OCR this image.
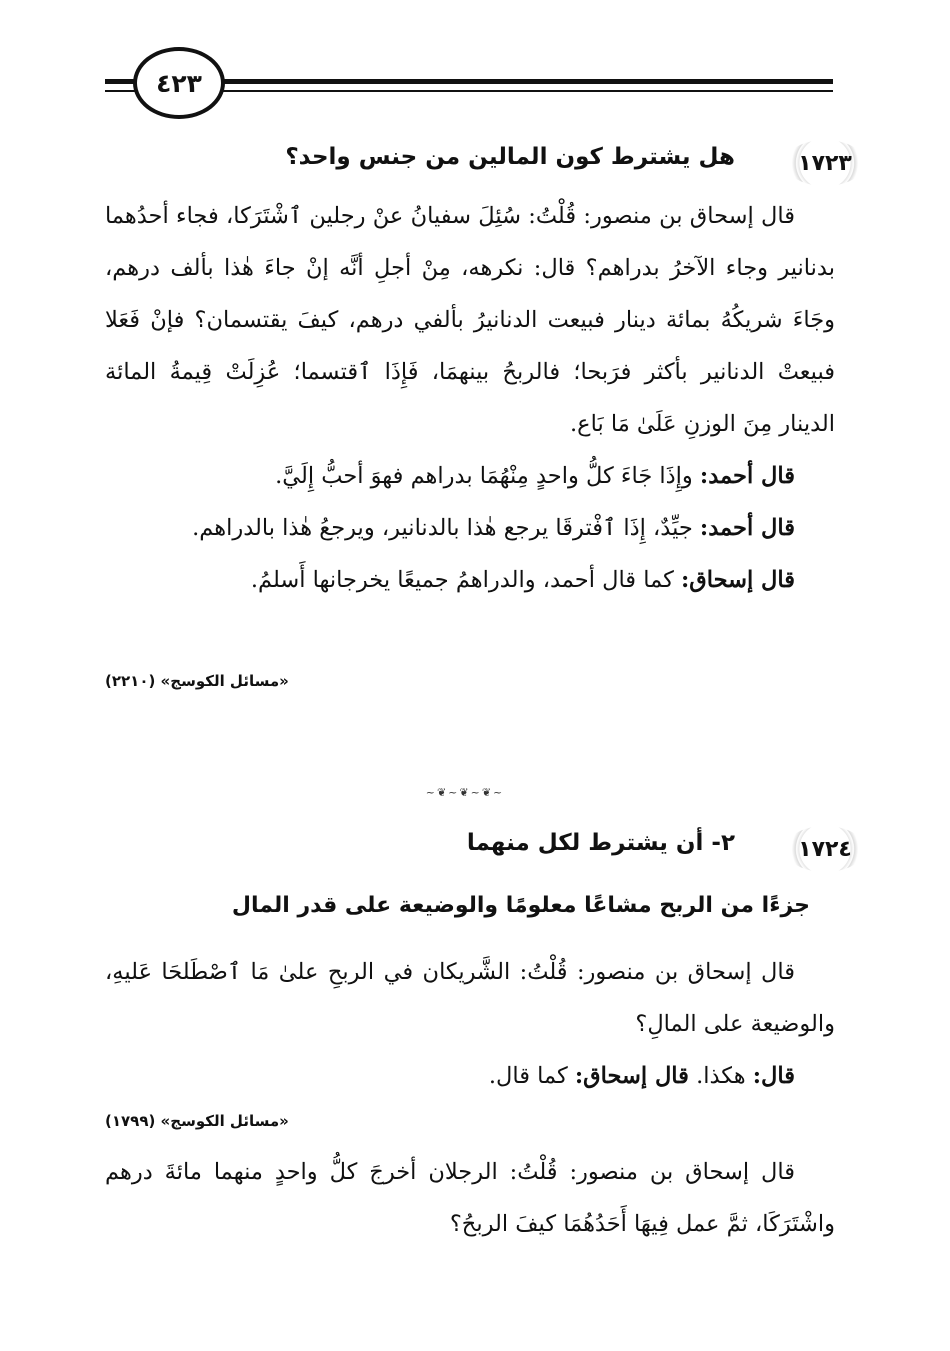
٤٢٣
١٧٢٣
هل يشترط كون المالين من جنس واحد؟

قال إسحاق بن منصور: قُلْتُ: سُئِلَ سفيانُ عنْ رجلين ٱشْتَرَكا، فجاء أحدُهما بدنانير وجاء الآخرُ بدراهم؟ قال: نكرهه، مِنْ أجلِ أنَّه إنْ جاءَ هٰذا بألف درهم، وجَاءَ شريكُهُ بمائة دينار فبيعت الدنانيرُ بألفي درهم، كيفَ يقتسمان؟ فإنْ فَعَلا فبيعتْ الدنانير بأكثر فرَبحا؛ فالربحُ بينهمَا، فَإِذَا ٱقتسما؛ عُزِلَتْ قِيمةُ المائة الدينار مِنَ الوزنِ عَلَىٰ مَا بَاع.

قال أحمد: وإِذَا جَاءَ كلُّ واحدٍ مِنْهُمَا بدراهم فهوَ أحبُّ إِلَيَّ.

قال أحمد: جيِّدٌ، إِذَا ٱفْترقَا يرجع هٰذا بالدنانير، ويرجعُ هٰذا بالدراهم.

قال إسحاق: كما قال أحمد، والدراهمُ جميعًا يخرجانها أَسلمُ.

«مسائل الكوسج» (٢٢١٠)
~❦~❦~❦~
١٧٢٤
٢- أن يشترط لكل منهما
جزءًا من الربح مشاعًا معلومًا والوضيعة على قدر المال

قال إسحاق بن منصور: قُلْتُ: الشَّريكان في الربحِ علىٰ مَا ٱصْطَلحَا عَليهِ، والوضيعة على المالِ؟

قال: هكذا. قال إسحاق: كما قال.

«مسائل الكوسج» (١٧٩٩)

قال إسحاق بن منصور: قُلْتُ: الرجلان أخرجَ كلُّ واحدٍ منهما مائةَ درهم واشْتَرَكَا، ثمَّ عمل فِيهَا أَحَدُهُمَا كيفَ الربحُ؟
